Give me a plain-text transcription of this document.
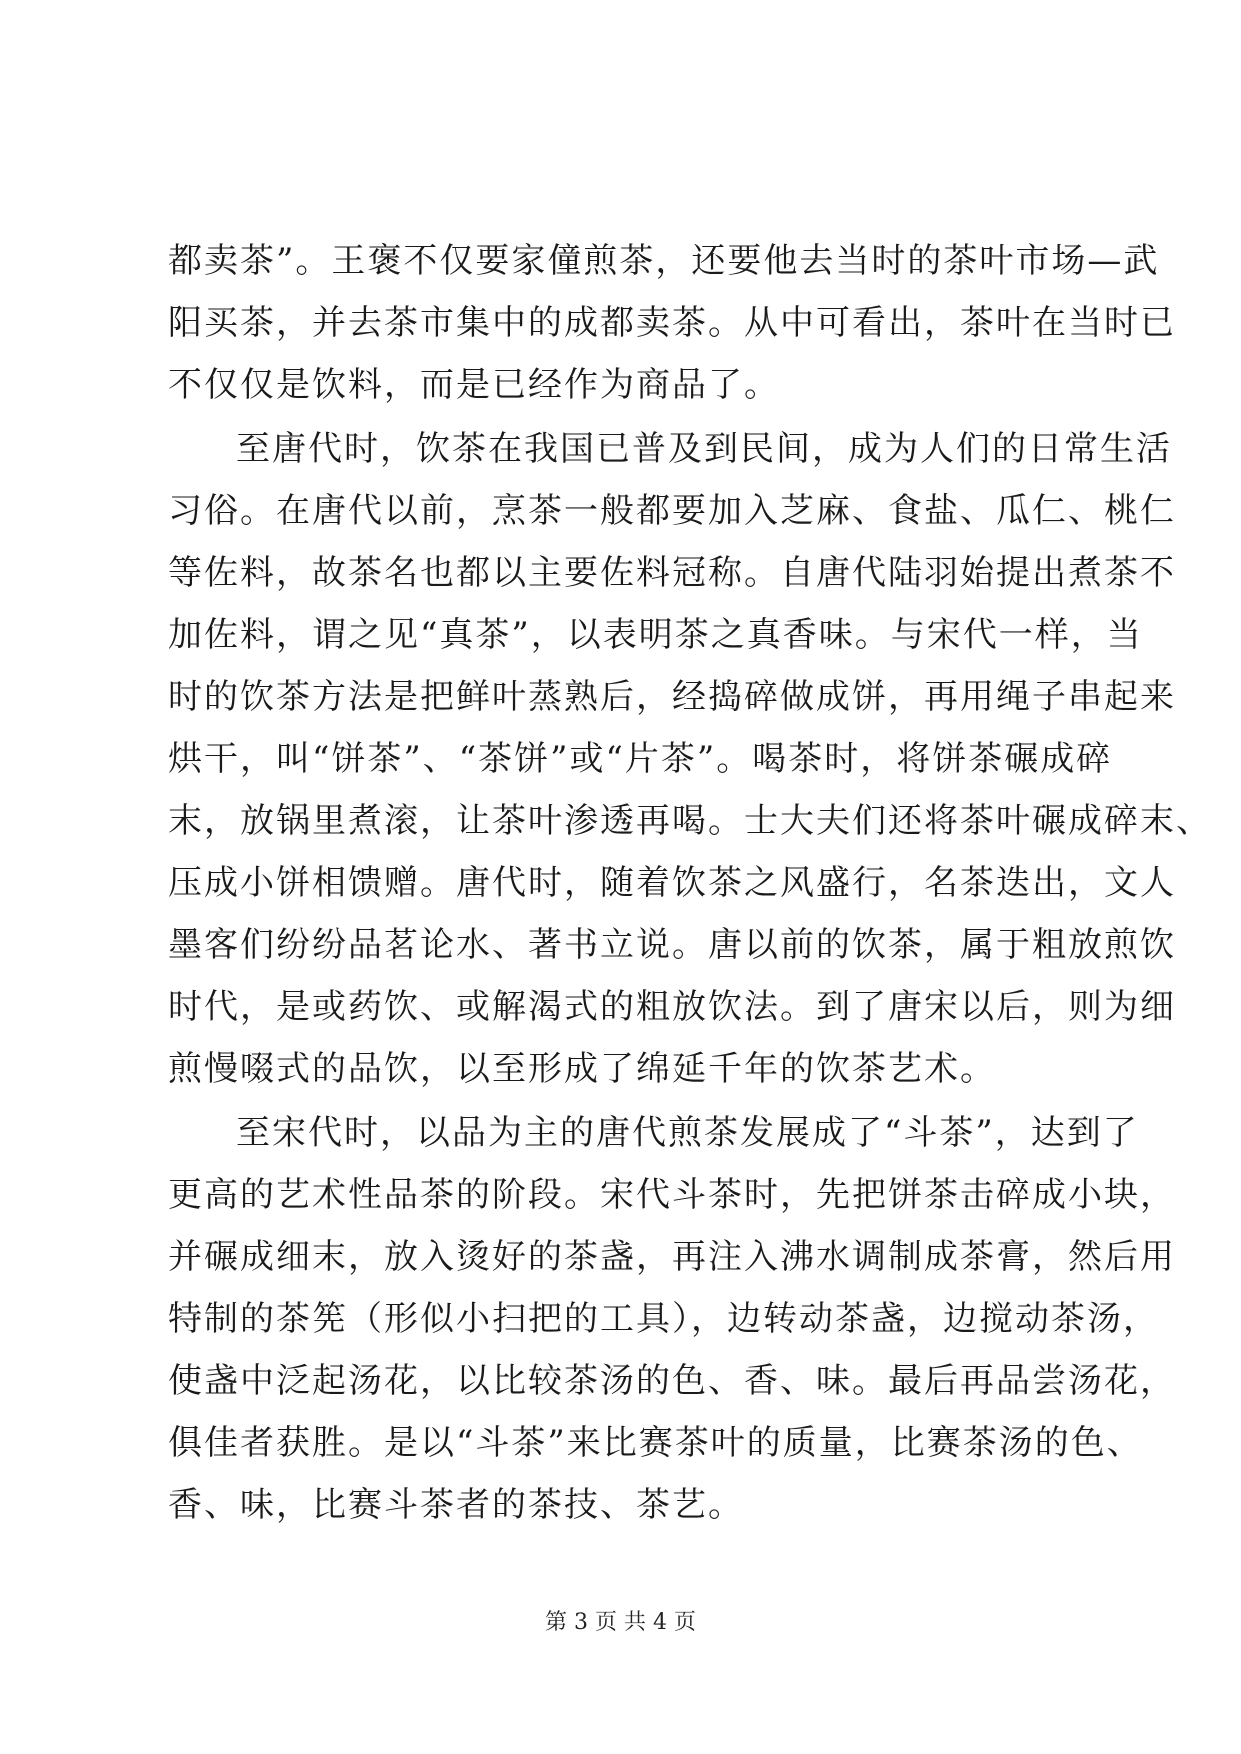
都卖茶”。王褒不仅要家僮煎茶，还要他去当时的茶叶市场—武
阳买茶，并去茶市集中的成都卖茶。从中可看出，茶叶在当时已
不仅仅是饮料，而是已经作为商品了。
至唐代时，饮茶在我国已普及到民间，成为人们的日常生活
习俗。在唐代以前，烹茶一般都要加入芝麻、食盐、瓜仁、桃仁
等佐料，故茶名也都以主要佐料冠称。自唐代陆羽始提出煮茶不
加佐料，谓之见“真茶”，以表明茶之真香味。与宋代一样，当
时的饮茶方法是把鲜叶蒸熟后，经捣碎做成饼，再用绳子串起来
烘干，叫“饼茶”、“茶饼”或“片茶”。喝茶时，将饼茶碾成碎
末，放锅里煮滚，让茶叶渗透再喝。士大夫们还将茶叶碾成碎末、
压成小饼相馈赠。唐代时，随着饮茶之风盛行，名茶迭出，文人
墨客们纷纷品茗论水、著书立说。唐以前的饮茶，属于粗放煎饮
时代，是或药饮、或解渴式的粗放饮法。到了唐宋以后，则为细
煎慢啜式的品饮，以至形成了绵延千年的饮茶艺术。
至宋代时，以品为主的唐代煎茶发展成了“斗茶”，达到了
更高的艺术性品茶的阶段。宋代斗茶时，先把饼茶击碎成小块，
并碾成细末，放入烫好的茶盏，再注入沸水调制成茶膏，然后用
特制的茶筅（形似小扫把的工具），边转动茶盏，边搅动茶汤，
使盏中泛起汤花，以比较茶汤的色、香、味。最后再品尝汤花，
俱佳者获胜。是以“斗茶”来比赛茶叶的质量，比赛茶汤的色、
香、味，比赛斗茶者的茶技、茶艺。
第 3 页 共 4 页
